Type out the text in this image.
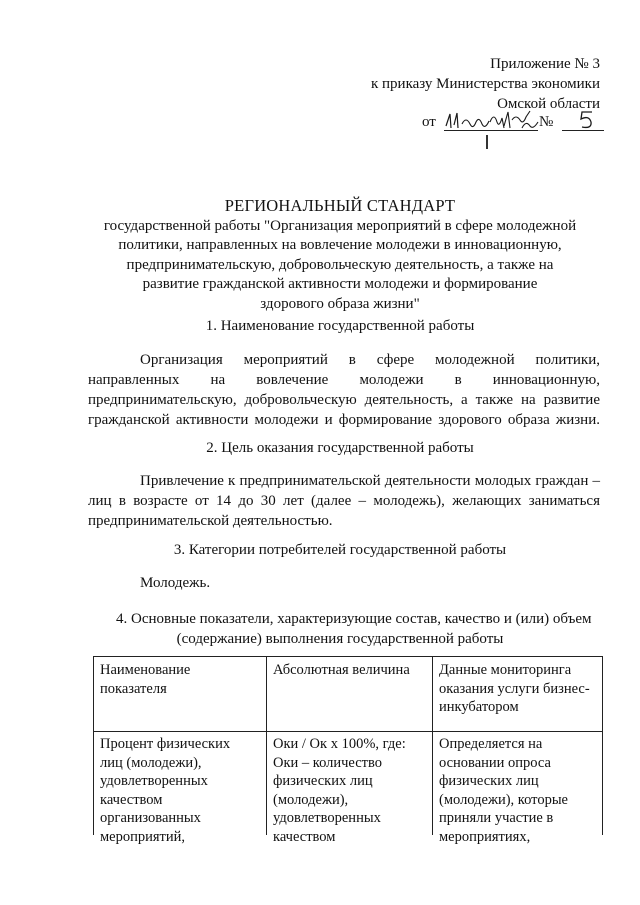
Приложение № 3
к приказу Министерства экономики
Омской области
от	№
РЕГИОНАЛЬНЫЙ СТАНДАРТ
государственной работы "Организация мероприятий в сфере молодежной
политики, направленных на вовлечение молодежи в инновационную,
предпринимательскую, добровольческую деятельность, а также на
развитие гражданской активности молодежи и формирование
здорового образа жизни"
1. Наименование государственной работы
Организация мероприятий в сфере молодежной политики,
направленных на вовлечение молодежи в инновационную,
предпринимательскую, добровольческую деятельность, а также на развитие
гражданской активности молодежи и формирование здорового образа жизни.
2. Цель оказания государственной работы
Привлечение к предпринимательской деятельности молодых граждан –
лиц в возрасте от 14 до 30 лет (далее – молодежь), желающих заниматься
предпринимательской деятельностью.
3. Категории потребителей государственной работы
Молодежь.
4. Основные показатели, характеризующие состав, качество и (или) объем
(содержание) выполнения государственной работы
Наименование
показателя
Абсолютная величина	Данные мониторинга
оказания услуги бизнес-
инкубатором
Процент физических
лиц (молодежи),
удовлетворенных
качеством
организованных
мероприятий,
Оки / Ок х 100%, где:
Оки – количество
физических лиц
(молодежи),
удовлетворенных
качеством
Определяется на
основании опроса
физических лиц
(молодежи), которые
приняли участие в
мероприятиях,
